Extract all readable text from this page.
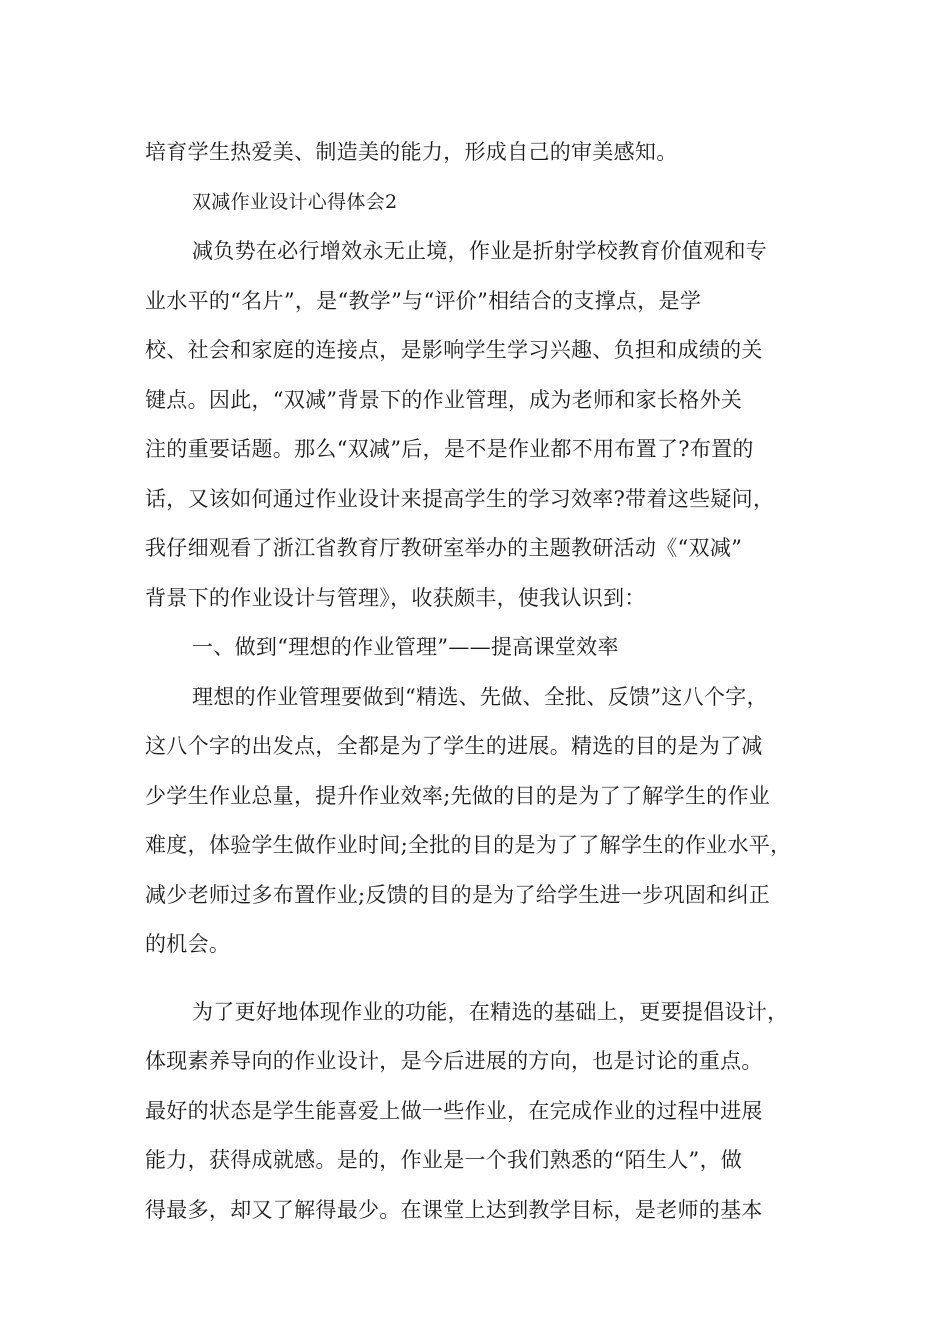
培育学生热爱美、制造美的能力，形成自己的审美感知。
双减作业设计心得体会2
减负势在必行增效永无止境，作业是折射学校教育价值观和专
业水平的“名片”，是“教学”与“评价”相结合的支撑点，是学
校、社会和家庭的连接点，是影响学生学习兴趣、负担和成绩的关
键点。因此，“双减”背景下的作业管理，成为老师和家长格外关
注的重要话题。那么“双减”后，是不是作业都不用布置了?布置的
话，又该如何通过作业设计来提高学生的学习效率?带着这些疑问，
我仔细观看了浙江省教育厅教研室举办的主题教研活动《“双减”
背景下的作业设计与管理》，收获颇丰，使我认识到：
一、做到“理想的作业管理”——提高课堂效率
理想的作业管理要做到“精选、先做、全批、反馈”这八个字，
这八个字的出发点，全都是为了学生的进展。精选的目的是为了减
少学生作业总量，提升作业效率;先做的目的是为了了解学生的作业
难度，体验学生做作业时间;全批的目的是为了了解学生的作业水平，
减少老师过多布置作业;反馈的目的是为了给学生进一步巩固和纠正
的机会。
为了更好地体现作业的功能，在精选的基础上，更要提倡设计，
体现素养导向的作业设计，是今后进展的方向，也是讨论的重点。
最好的状态是学生能喜爱上做一些作业，在完成作业的过程中进展
能力，获得成就感。是的，作业是一个我们熟悉的“陌生人”，做
得最多，却又了解得最少。在课堂上达到教学目标，是老师的基本
